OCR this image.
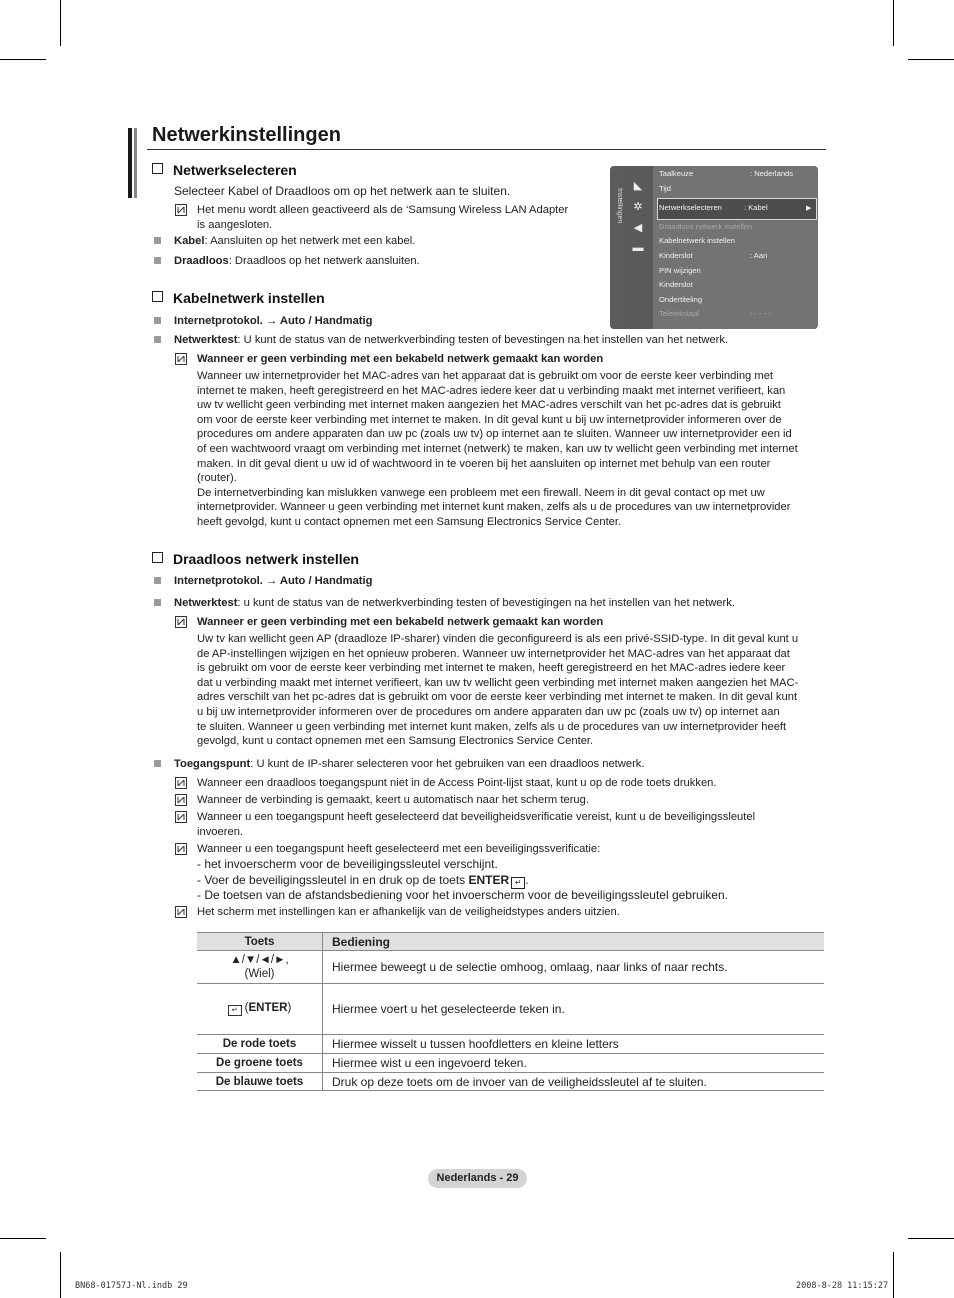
Netwerkinstellingen
Netwerkselecteren
Selecteer Kabel of Draadloos om op het netwerk aan te sluiten.
Het menu wordt alleen geactiveerd als de ‘Samsung Wireless LAN Adapter
is aangesloten.
Kabel: Aansluiten op het netwerk met een kabel.
Draadloos: Draadloos op het netwerk aansluiten.
Instellingen
◣
✲
◀
▬
▶
Taalkeuze	: Nederlands
Tijd
Netwerkselecteren	: Kabel
Draadloos netwerk instellen
Kabelnetwerk instellen
Kinderslot	: Aan
PIN wijzigen
Kinderslot
Ondertiteling
Teletekstaal	: - - - -
Kabelnetwerk instellen
Internetprotokol. → Auto / Handmatig
Netwerktest: U kunt de status van de netwerkverbinding testen of bevestingen na het instellen van het netwerk.
Wanneer er geen verbinding met een bekabeld netwerk gemaakt kan worden
Wanneer uw internetprovider het MAC-adres van het apparaat dat is gebruikt om voor de eerste keer verbinding met
internet te maken, heeft geregistreerd en het MAC-adres iedere keer dat u verbinding maakt met internet verifieert, kan
uw tv wellicht geen verbinding met internet maken aangezien het MAC-adres verschilt van het pc-adres dat is gebruikt
om voor de eerste keer verbinding met internet te maken. In dit geval kunt u bij uw internetprovider informeren over de
procedures om andere apparaten dan uw pc (zoals uw tv) op internet aan te sluiten. Wanneer uw internetprovider een id
of een wachtwoord vraagt om verbinding met internet (netwerk) te maken, kan uw tv wellicht geen verbinding met internet
maken. In dit geval dient u uw id of wachtwoord in te voeren bij het aansluiten op internet met behulp van een router
(router).
De internetverbinding kan mislukken vanwege een probleem met een firewall. Neem in dit geval contact op met uw
internetprovider. Wanneer u geen verbinding met internet kunt maken, zelfs als u de procedures van uw internetprovider
heeft gevolgd, kunt u contact opnemen met een Samsung Electronics Service Center.
Draadloos netwerk instellen
Internetprotokol. → Auto / Handmatig
Netwerktest: u kunt de status van de netwerkverbinding testen of bevestigingen na het instellen van het netwerk.
Wanneer er geen verbinding met een bekabeld netwerk gemaakt kan worden
Uw tv kan wellicht geen AP (draadloze IP-sharer) vinden die geconfigureerd is als een privé-SSID-type. In dit geval kunt u
de AP-instellingen wijzigen en het opnieuw proberen. Wanneer uw internetprovider het MAC-adres van het apparaat dat
is gebruikt om voor de eerste keer verbinding met internet te maken, heeft geregistreerd en het MAC-adres iedere keer
dat u verbinding maakt met internet verifieert, kan uw tv wellicht geen verbinding met internet maken aangezien het MAC-
adres verschilt van het pc-adres dat is gebruikt om voor de eerste keer verbinding met internet te maken. In dit geval kunt
u bij uw internetprovider informeren over de procedures om andere apparaten dan uw pc (zoals uw tv) op internet aan
te sluiten. Wanneer u geen verbinding met internet kunt maken, zelfs als u de procedures van uw internetprovider heeft
gevolgd, kunt u contact opnemen met een Samsung Electronics Service Center.
Toegangspunt: U kunt de IP-sharer selecteren voor het gebruiken van een draadloos netwerk.
Wanneer een draadloos toegangspunt niet in de Access Point-lijst staat, kunt u op de rode toets drukken.
Wanneer de verbinding is gemaakt, keert u automatisch naar het scherm terug.
Wanneer u een toegangspunt heeft geselecteerd dat beveiligheidsverificatie vereist, kunt u de beveiligingssleutel
invoeren.
Wanneer u een toegangspunt heeft geselecteerd met een beveiligingssverificatie:
- het invoerscherm voor de beveiligingssleutel verschijnt.
- Voer de beveiligingssleutel in en druk op de toets ENTER ↵ .
- De toetsen van de afstandsbediening voor het invoerscherm voor de beveiligingssleutel gebruiken.
Het scherm met instellingen kan er afhankelijk van de veiligheidstypes anders uitzien.
Toets	Bediening

▲/▼/◄/►,
(Wiel)	Hiermee beweegt u de selectie omhoog, omlaag, naar links of naar rechts.
↵ (ENTER)	Hiermee voert u het geselecteerde teken in.
De rode toets	Hiermee wisselt u tussen hoofdletters en kleine letters
De groene toets	Hiermee wist u een ingevoerd teken.
De blauwe toets	Druk op deze toets om de invoer van de veiligheidssleutel af te sluiten.
Nederlands - 29
BN68-01757J-Nl.indb 29	2008-8-28 11:15:27
